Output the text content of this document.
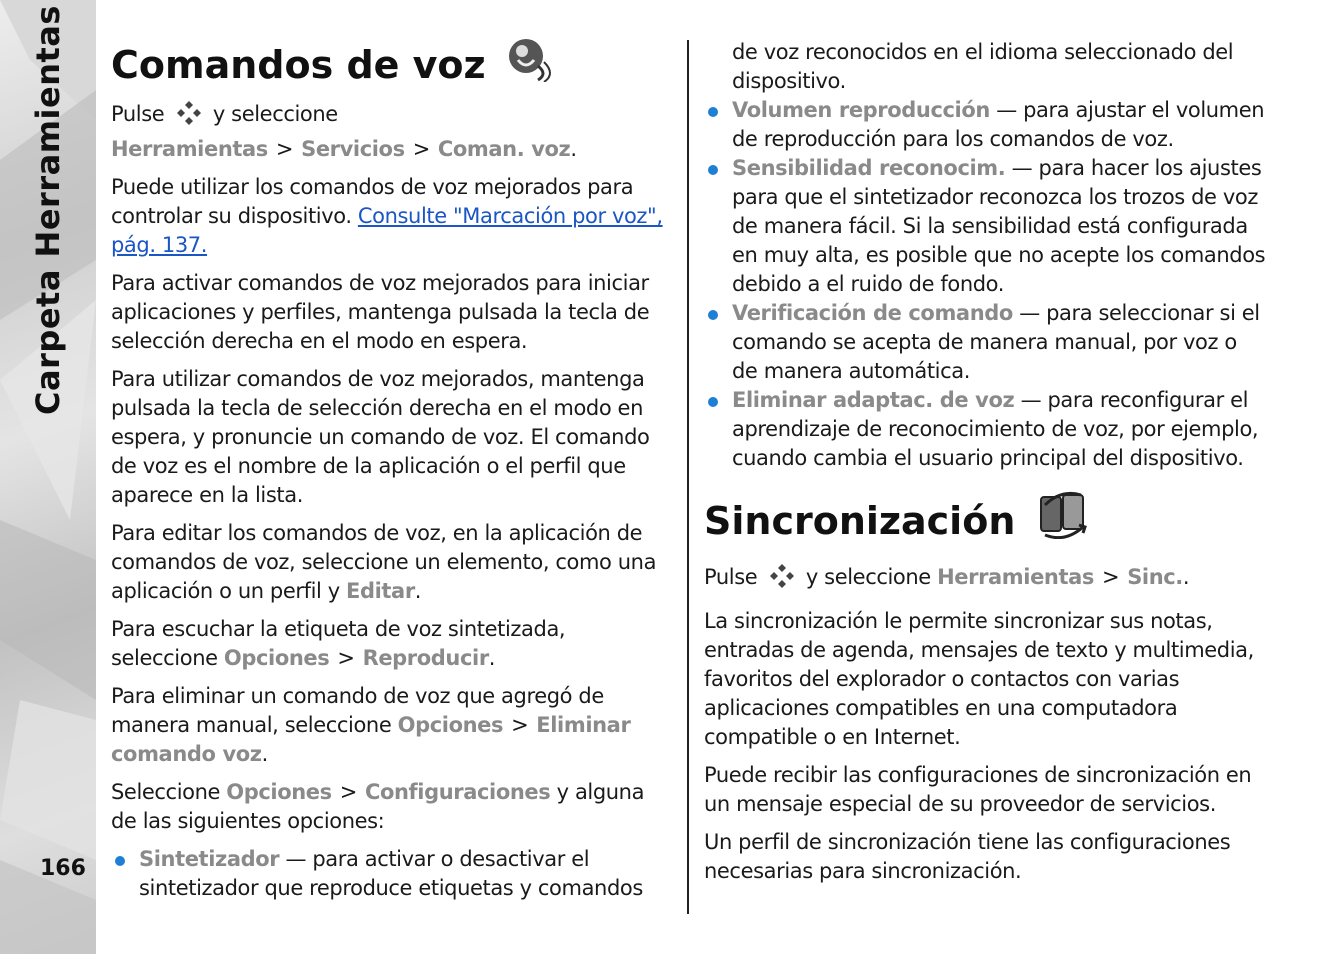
Carpeta Herramientas
166
Comandos de voz

Pulse y seleccione Herramientas > Servicios > Coman. voz.

Puede utilizar los comandos de voz mejorados para controlar su dispositivo. Consulte "Marcación por voz", pág. 137.

Para activar comandos de voz mejorados para iniciar aplicaciones y perfiles, mantenga pulsada la tecla de selección derecha en el modo en espera.

Para utilizar comandos de voz mejorados, mantenga pulsada la tecla de selección derecha en el modo en espera, y pronuncie un comando de voz. El comando de voz es el nombre de la aplicación o el perfil que aparece en la lista.

Para editar los comandos de voz, en la aplicación de comandos de voz, seleccione un elemento, como una aplicación o un perfil y Editar.

Para escuchar la etiqueta de voz sintetizada, seleccione Opciones > Reproducir.

Para eliminar un comando de voz que agregó de manera manual, seleccione Opciones > Eliminar comando voz.

Seleccione Opciones > Configuraciones y alguna de las siguientes opciones:

Sintetizador — para activar o desactivar el sintetizador que reproduce etiquetas y comandos
de voz reconocidos en el idioma seleccionado del dispositivo.
Volumen reproducción — para ajustar el volumen de reproducción para los comandos de voz.
Sensibilidad reconocim. — para hacer los ajustes para que el sintetizador reconozca los trozos de voz de manera fácil. Si la sensibilidad está configurada en muy alta, es posible que no acepte los comandos debido a el ruido de fondo.
Verificación de comando — para seleccionar si el comando se acepta de manera manual, por voz o de manera automática.
Eliminar adaptac. de voz — para reconfigurar el aprendizaje de reconocimiento de voz, por ejemplo, cuando cambia el usuario principal del dispositivo.
Sincronización

Pulse y seleccione Herramientas > Sinc..

La sincronización le permite sincronizar sus notas, entradas de agenda, mensajes de texto y multimedia, favoritos del explorador o contactos con varias aplicaciones compatibles en una computadora compatible o en Internet.

Puede recibir las configuraciones de sincronización en un mensaje especial de su proveedor de servicios.

Un perfil de sincronización tiene las configuraciones necesarias para sincronización.
